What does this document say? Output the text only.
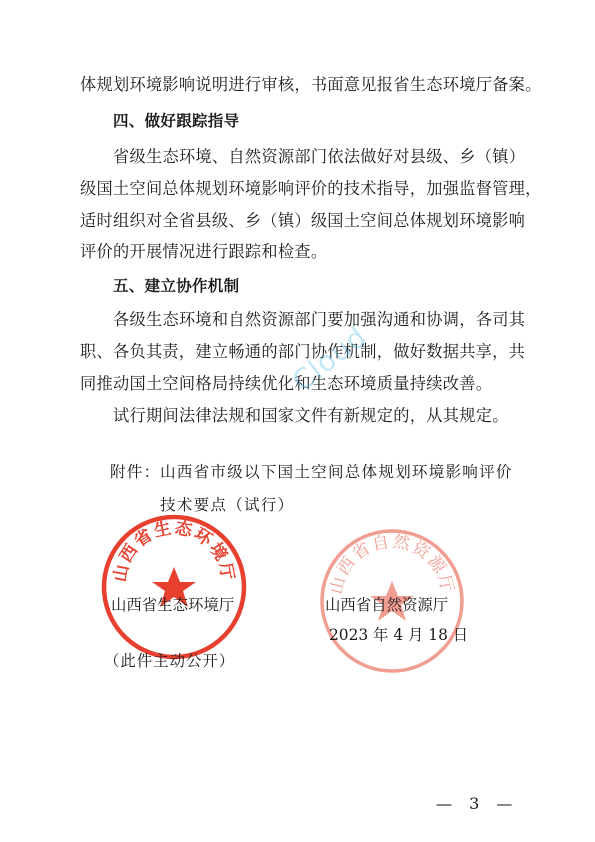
体规划环境影响说明进行审核，书面意见报省生态环境厅备案。
四、做好跟踪指导
省级生态环境、自然资源部门依法做好对县级、乡（镇）
级国土空间总体规划环境影响评价的技术指导，加强监督管理，
适时组织对全省县级、乡（镇）级国土空间总体规划环境影响
评价的开展情况进行跟踪和检查。
五、建立协作机制
各级生态环境和自然资源部门要加强沟通和协调，各司其
职、各负其责，建立畅通的部门协作机制，做好数据共享，共
同推动国土空间格局持续优化和生态环境质量持续改善。
试行期间法律法规和国家文件有新规定的，从其规定。
附件： 山西省市级以下国土空间总体规划环境影响评价
技术要点（试行）
山西省生态环境厅
山西省自然资源厅
Cloud
山西省生态环境厅	山西省自然资源厅
2023 年 4 月 18 日
（此件主动公开）
— 3 —
